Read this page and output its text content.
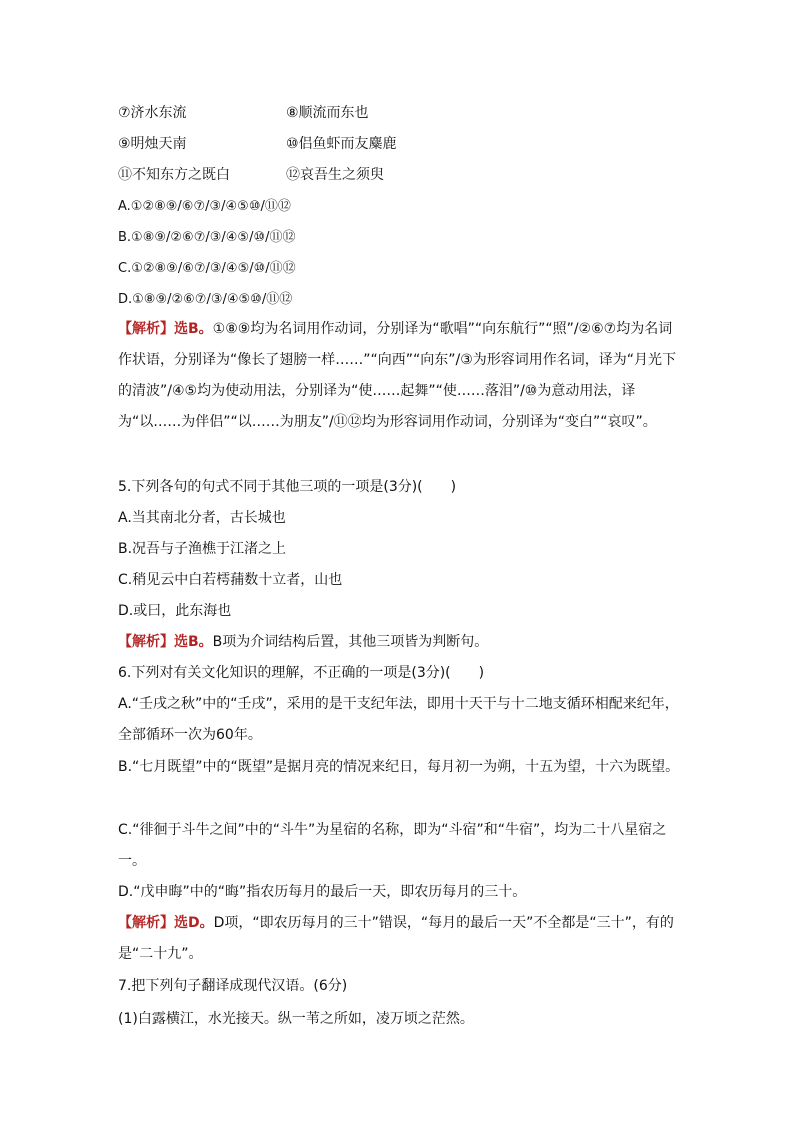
⑦济水东流	⑧顺流而东也
⑨明烛天南	⑩侣鱼虾而友麋鹿
⑪不知东方之既白	⑫哀吾生之须臾
A.①②⑧⑨/⑥⑦/③/④⑤⑩/⑪⑫
B.①⑧⑨/②⑥⑦/③/④⑤/⑩/⑪⑫
C.①②⑧⑨/⑥⑦/③/④⑤/⑩/⑪⑫
D.①⑧⑨/②⑥⑦/③/④⑤⑩/⑪⑫
【解析】选B。①⑧⑨均为名词用作动词，分别译为“歌唱”“向东航行”“照”/②⑥⑦均为名词作状语，分别译为“像长了翅膀一样……”“向西”“向东”/③为形容词用作名词，译为“月光下的清波”/④⑤均为使动用法，分别译为“使……起舞”“使……落泪”/⑩为意动用法，译为“以……为伴侣”“以……为朋友”/⑪⑫均为形容词用作动词，分别译为“变白”“哀叹”。
5.下列各句的句式不同于其他三项的一项是(3分)(　　)
A.当其南北分者，古长城也
B.况吾与子渔樵于江渚之上
C.稍见云中白若樗蒱数十立者，山也
D.或曰，此东海也
【解析】选B。B项为介词结构后置，其他三项皆为判断句。
6.下列对有关文化知识的理解，不正确的一项是(3分)(　　)
A.“壬戌之秋”中的“壬戌”，采用的是干支纪年法，即用十天干与十二地支循环相配来纪年，全部循环一次为60年。
B.“七月既望”中的“既望”是据月亮的情况来纪日，每月初一为朔，十五为望，十六为既望。
C.“徘徊于斗牛之间”中的“斗牛”为星宿的名称，即为“斗宿”和“牛宿”，均为二十八星宿之一。
D.“戊申晦”中的“晦”指农历每月的最后一天，即农历每月的三十。
【解析】选D。D项，“即农历每月的三十”错误，“每月的最后一天”不全都是“三十”，有的是“二十九”。
7.把下列句子翻译成现代汉语。(6分)
(1)白露横江，水光接天。纵一苇之所如，凌万顷之茫然。
